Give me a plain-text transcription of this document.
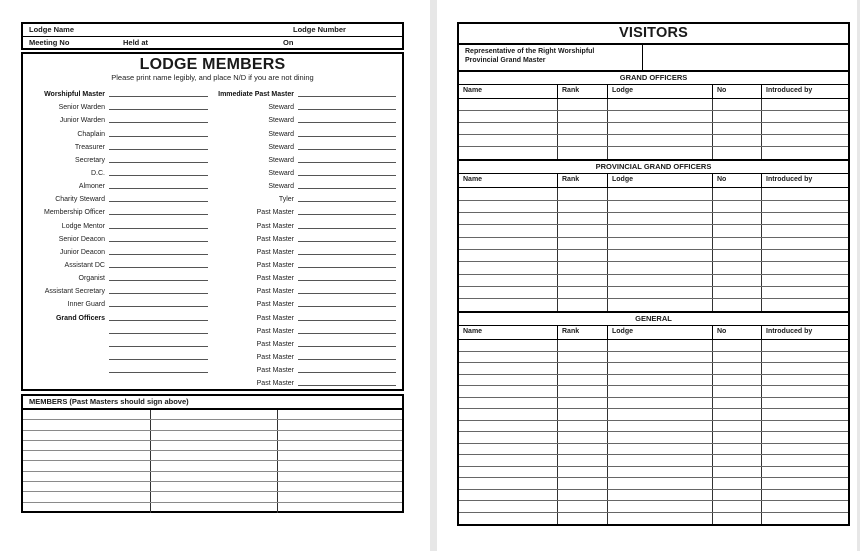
Lodge Name	Lodge Number
Meeting No	Held at	On
LODGE MEMBERS
Please print name legibly, and place N/D if you are not dining
Worshipful Master
Senior Warden
Junior Warden
Chaplain
Treasurer
Secretary
D.C.
Almoner
Charity Steward
Membership Officer
Lodge Mentor
Senior Deacon
Junior Deacon
Assistant DC
Organist
Assistant Secretary
Inner Guard
Grand Officers
Immediate Past Master
Steward
Steward
Steward
Steward
Steward
Steward
Steward
Tyler
Past Master
Past Master
Past Master
Past Master
Past Master
Past Master
Past Master
Past Master
Past Master
Past Master
Past Master
Past Master
Past Master
Past Master
MEMBERS (Past Masters should sign above)
VISITORS
Representative of the Right Worshipful
Provincial Grand Master
GRAND OFFICERS
Name	Rank	Lodge	No	Introduced by
PROVINCIAL GRAND OFFICERS
Name	Rank	Lodge	No	Introduced by
GENERAL
Name	Rank	Lodge	No	Introduced by
